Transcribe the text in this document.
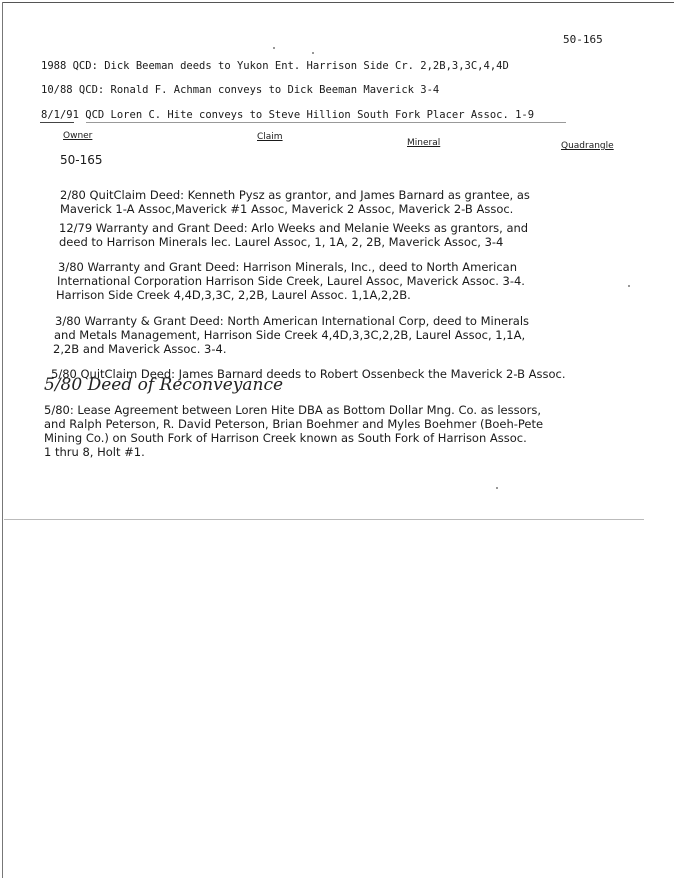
50-165
1988 QCD: Dick Beeman deeds to Yukon Ent. Harrison Side Cr. 2,2B,3,3C,4,4D
10/88 QCD: Ronald F. Achman conveys to Dick Beeman Maverick 3-4
8/1/91 QCD Loren C. Hite conveys to Steve Hillion South Fork Placer Assoc. 1-9
Owner	Claim
Mineral	Quadrangle
50-165
2/80 QuitClaim Deed: Kenneth Pysz as grantor, and James Barnard as grantee, as
Maverick 1-A Assoc,Maverick #1 Assoc, Maverick 2 Assoc, Maverick 2-B Assoc.
12/79 Warranty and Grant Deed: Arlo Weeks and Melanie Weeks as grantors, and
deed to Harrison Minerals lec. Laurel Assoc, 1, 1A, 2, 2B, Maverick Assoc, 3-4
3/80 Warranty and Grant Deed: Harrison Minerals, Inc., deed to North American
International Corporation Harrison Side Creek, Laurel Assoc, Maverick Assoc. 3-4.
Harrison Side Creek 4,4D,3,3C, 2,2B, Laurel Assoc. 1,1A,2,2B.
3/80 Warranty & Grant Deed: North American International Corp, deed to Minerals
and Metals Management, Harrison Side Creek 4,4D,3,3C,2,2B, Laurel Assoc, 1,1A,
2,2B and Maverick Assoc. 3-4.
5/80 QuitClaim Deed: James Barnard deeds to Robert Ossenbeck the Maverick 2-B Assoc.
5/80 Deed of Reconveyance
5/80: Lease Agreement between Loren Hite DBA as Bottom Dollar Mng. Co. as lessors,
and Ralph Peterson, R. David Peterson, Brian Boehmer and Myles Boehmer (Boeh-Pete
Mining Co.) on South Fork of Harrison Creek known as South Fork of Harrison Assoc.
1 thru 8, Holt #1.
